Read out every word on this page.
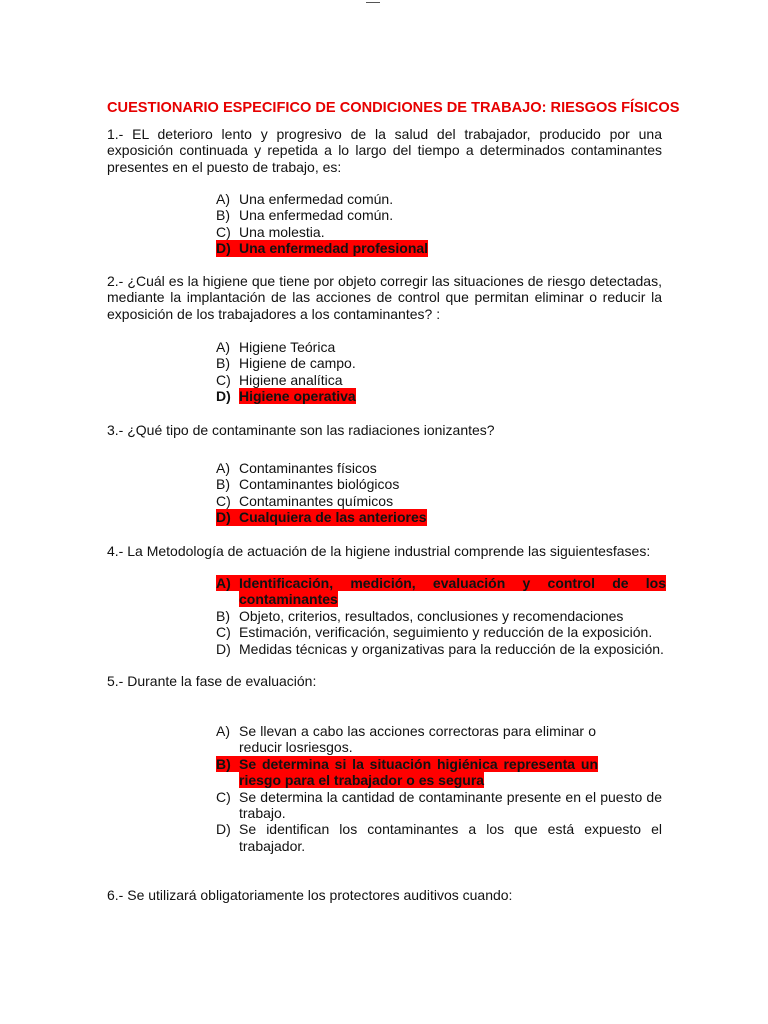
CUESTIONARIO ESPECIFICO DE CONDICIONES DE TRABAJO: RIESGOS FÍSICOS
1.- EL deterioro lento y progresivo de la salud del trabajador, producido por una exposición continuada y repetida a lo largo del tiempo a determinados contaminantes presentes en el puesto de trabajo, es:
A) Una enfermedad común.
B) Una enfermedad común.
C) Una molestia.
D) Una enfermedad profesional
2.- ¿Cuál es la higiene que tiene por objeto corregir las situaciones de riesgo detectadas, mediante la implantación de las acciones de control que permitan eliminar o reducir la exposición de los trabajadores a los contaminantes? :
A) Higiene Teórica
B) Higiene de campo.
C) Higiene analítica
D) Higiene operativa
3.- ¿Qué tipo de contaminante son las radiaciones ionizantes?
A) Contaminantes físicos
B) Contaminantes biológicos
C) Contaminantes químicos
D) Cualquiera de las anteriores
4.- La Metodología de actuación de la higiene industrial comprende las siguientesfases:
A) Identificación, medición, evaluación y control de los contaminantes
B) Objeto, criterios, resultados, conclusiones y recomendaciones
C) Estimación, verificación, seguimiento y reducción de la exposición.
D) Medidas técnicas y organizativas para la reducción de la exposición.
5.- Durante la fase de evaluación:
A) Se llevan a cabo las acciones correctoras para eliminar o reducir losriesgos.
B) Se determina si la situación higiénica representa un riesgo para el trabajador o es segura
C) Se determina la cantidad de contaminante presente en el puesto de trabajo.
D) Se identifican los contaminantes a los que está expuesto el trabajador.
6.- Se utilizará obligatoriamente los protectores auditivos cuando:
